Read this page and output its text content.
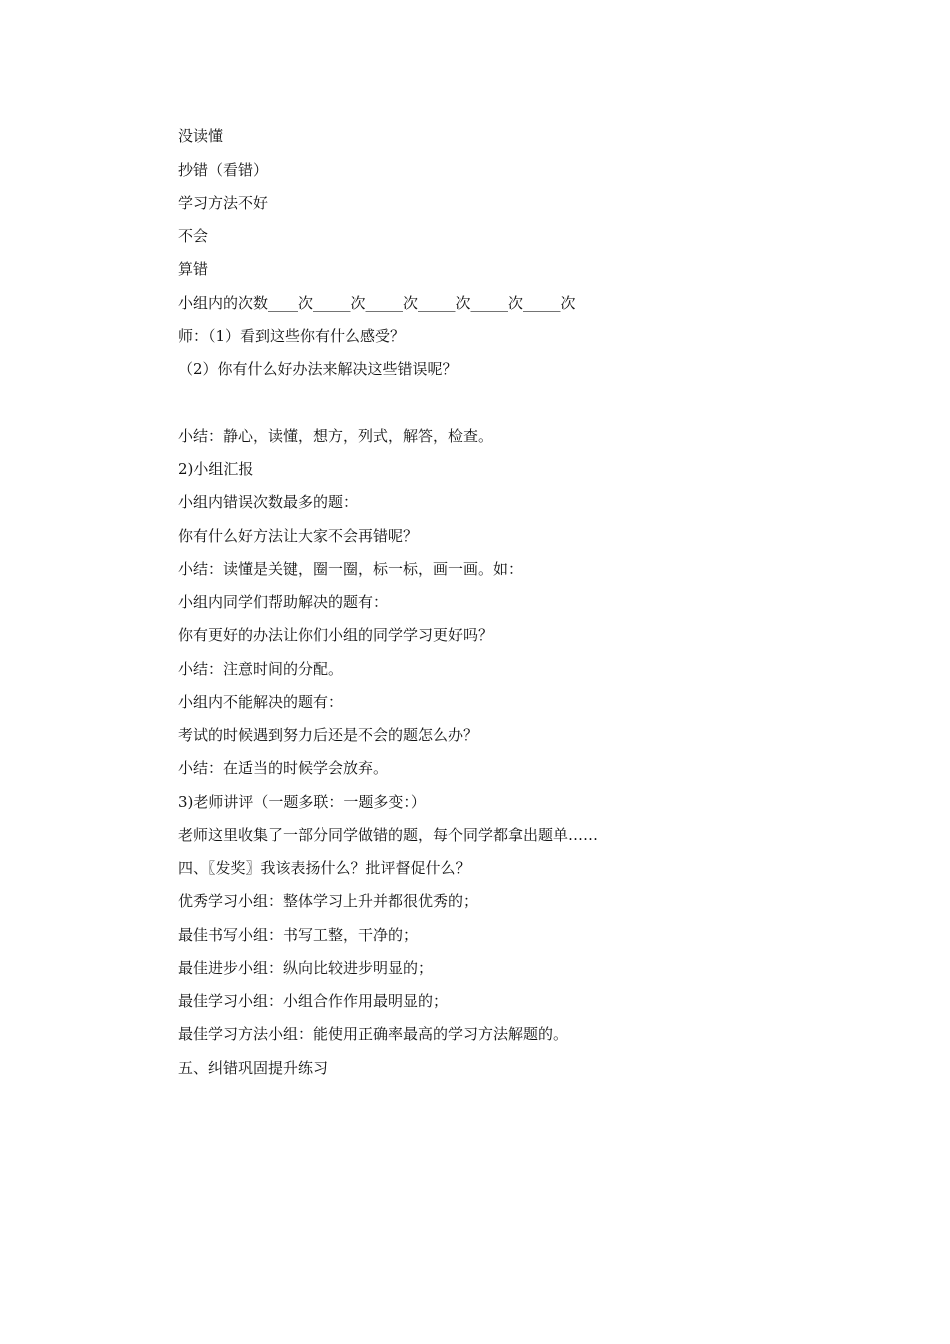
没读懂

抄错（看错）

学习方法不好

不会

算错

小组内的次数____次_____次_____次_____次_____次_____次

师：（1）看到这些你有什么感受？

（2）你有什么好办法来解决这些错误呢？

小结：静心，读懂，想方，列式，解答，检查。

2)小组汇报

小组内错误次数最多的题：

你有什么好方法让大家不会再错呢？

小结：读懂是关键，圈一圈，标一标，画一画。如：

小组内同学们帮助解决的题有：

你有更好的办法让你们小组的同学学习更好吗？

小结：注意时间的分配。

小组内不能解决的题有：

考试的时候遇到努力后还是不会的题怎么办？

小结：在适当的时候学会放弃。

3)老师讲评（一题多联：一题多变：）

老师这里收集了一部分同学做错的题，每个同学都拿出题单……

四、〖发奖〗我该表扬什么？批评督促什么？

优秀学习小组：整体学习上升并都很优秀的；

最佳书写小组：书写工整，干净的；

最佳进步小组：纵向比较进步明显的；

最佳学习小组：小组合作作用最明显的；

最佳学习方法小组：能使用正确率最高的学习方法解题的。

五、纠错巩固提升练习
